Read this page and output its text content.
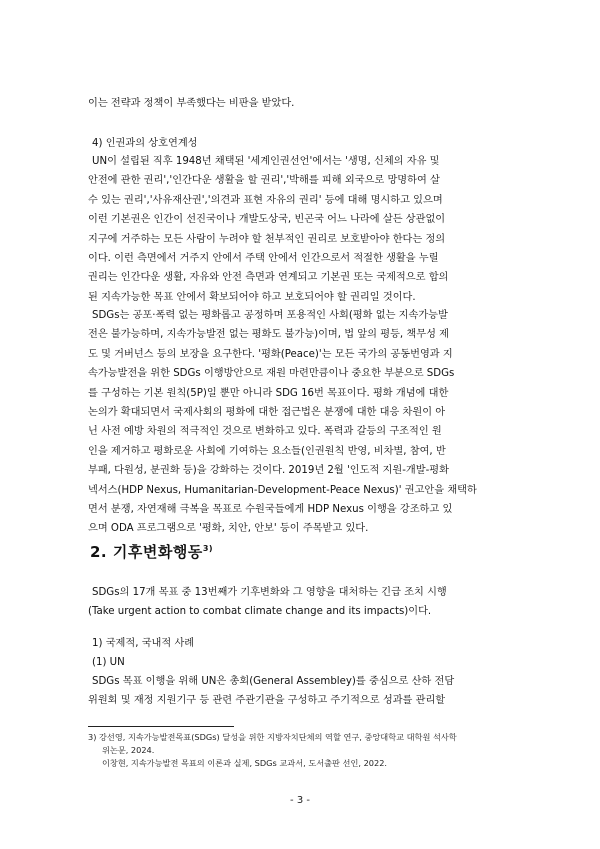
이는 전략과 정책이 부족했다는 비판을 받았다.
4) 인권과의 상호연계성
UN이 설립된 직후 1948년 채택된 '세계인권선언'에서는 '생명, 신체의 자유 및
안전에 관한 권리','인간다운 생활을 할 권리','박해를 피해 외국으로 망명하여 살
수 있는 권리','사유재산권','의견과 표현 자유의 권리' 등에 대해 명시하고 있으며
이런 기본권은 인간이 선진국이나 개발도상국, 빈곤국 어느 나라에 살든 상관없이
지구에 거주하는 모든 사람이 누려야 할 천부적인 권리로 보호받아야 한다는 정의
이다. 이런 측면에서 거주지 안에서 주택 안에서 인간으로서 적절한 생활을 누릴
권리는 인간다운 생활, 자유와 안전 측면과 연계되고 기본권 또는 국제적으로 합의
된 지속가능한 목표 안에서 확보되어야 하고 보호되어야 할 권리일 것이다.
SDGs는 공포·폭력 없는 평화롭고 공정하며 포용적인 사회(평화 없는 지속가능발
전은 불가능하며, 지속가능발전 없는 평화도 불가능)이며, 법 앞의 평등, 책무성 제
도 및 거버넌스 등의 보장을 요구한다. '평화(Peace)'는 모든 국가의 공동번영과 지
속가능발전을 위한 SDGs 이행방안으로 재원 마련만큼이나 중요한 부분으로 SDGs
를 구성하는 기본 원칙(5P)일 뿐만 아니라 SDG 16번 목표이다. 평화 개념에 대한
논의가 확대되면서 국제사회의 평화에 대한 접근법은 분쟁에 대한 대응 차원이 아
닌 사전 예방 차원의 적극적인 것으로 변화하고 있다. 폭력과 갈등의 구조적인 원
인을 제거하고 평화로운 사회에 기여하는 요소들(인권원칙 반영, 비차별, 참여, 반
부패, 다원성, 분권화 등)을 강화하는 것이다. 2019년 2월 '인도적 지원-개발-평화
넥서스(HDP Nexus, Humanitarian-Development-Peace Nexus)' 권고안을 채택하
면서 분쟁, 자연재해 극복을 목표로 수원국들에게 HDP Nexus 이행을 강조하고 있
으며 ODA 프로그램으로 '평화, 치안, 안보' 등이 주목받고 있다.
2. 기후변화행동$^{3)}$
SDGs의 17개 목표 중 13번째가 기후변화와 그 영향을 대처하는 긴급 조치 시행
(Take urgent action to combat climate change and its impacts)이다.
1) 국제적, 국내적 사례
(1) UN
SDGs 목표 이행을 위해 UN은 총회(General Assembley)를 중심으로 산하 전담
위원회 및 재정 지원기구 등 관련 주관기관을 구성하고 주기적으로 성과를 관리할
3) 강선영, 지속가능발전목표(SDGs) 달성을 위한 지방자치단체의 역할 연구, 중앙대학교 대학원 석사학
위논문, 2024.
이창현, 지속가능발전 목표의 이론과 실제, SDGs 교과서, 도서출판 선인, 2022.
- 3 -
